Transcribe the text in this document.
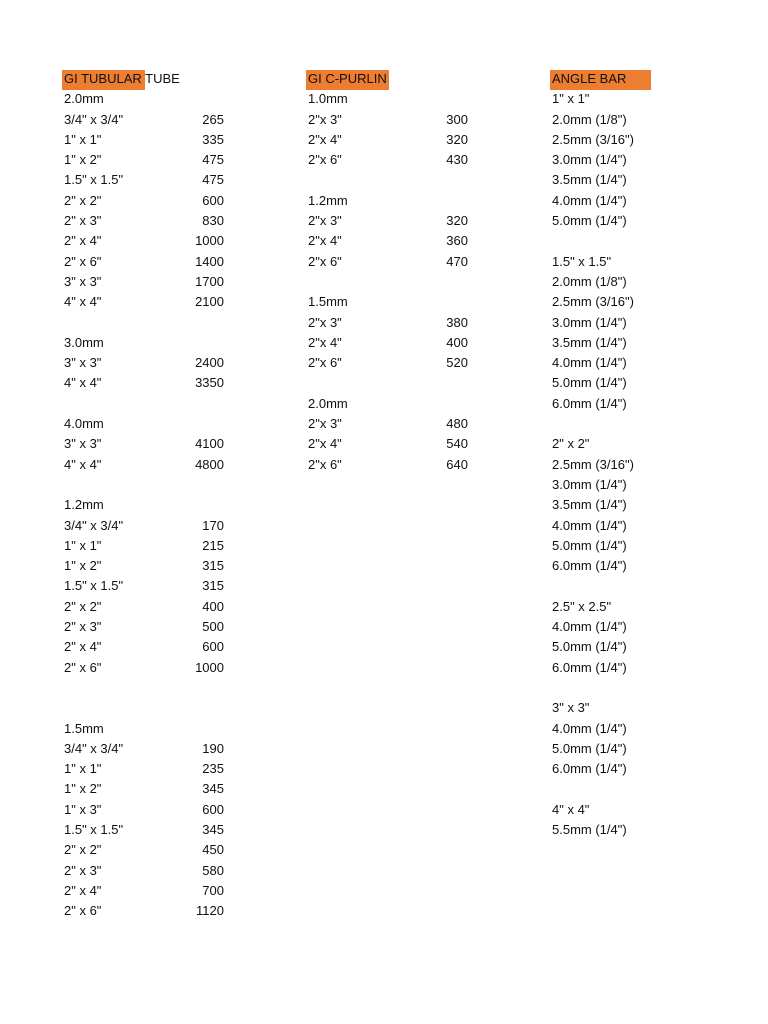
GI TUBULAR TUBE
2.0mm
3/4" x 3/4"	265
1" x 1"	335
1" x 2"	475
1.5" x 1.5"	475
2" x 2"	600
2" x 3"	830
2" x 4"	1000
2" x 6"	1400
3" x 3"	1700
4" x 4"	2100
3.0mm
3" x 3"	2400
4" x 4"	3350
4.0mm
3" x 3"	4100
4" x 4"	4800
1.2mm
3/4" x 3/4"	170
1" x 1"	215
1" x 2"	315
1.5" x 1.5"	315
2" x 2"	400
2" x 3"	500
2" x 4"	600
2" x 6"	1000
1.5mm
3/4" x 3/4"	190
1" x 1"	235
1" x 2"	345
1" x 3"	600
1.5" x 1.5"	345
2" x 2"	450
2" x 3"	580
2" x 4"	700
2" x 6"	1120
GI C-PURLIN
1.0mm
2"x 3"	300
2"x 4"	320
2"x 6"	430
1.2mm
2"x 3"	320
2"x 4"	360
2"x 6"	470
1.5mm
2"x 3"	380
2"x 4"	400
2"x 6"	520
2.0mm
2"x 3"	480
2"x 4"	540
2"x 6"	640
ANGLE BAR
1" x 1"
2.0mm (1/8")
2.5mm (3/16")
3.0mm (1/4")
3.5mm (1/4")
4.0mm (1/4")
5.0mm (1/4")
1.5" x 1.5"
2.0mm (1/8")
2.5mm (3/16")
3.0mm (1/4")
3.5mm (1/4")
4.0mm (1/4")
5.0mm (1/4")
6.0mm (1/4")
2" x 2"
2.5mm (3/16")
3.0mm (1/4")
3.5mm (1/4")
4.0mm (1/4")
5.0mm (1/4")
6.0mm (1/4")
2.5" x 2.5"
4.0mm (1/4")
5.0mm (1/4")
6.0mm (1/4")
3" x 3"
4.0mm (1/4")
5.0mm (1/4")
6.0mm (1/4")
4" x 4"
5.5mm (1/4")
